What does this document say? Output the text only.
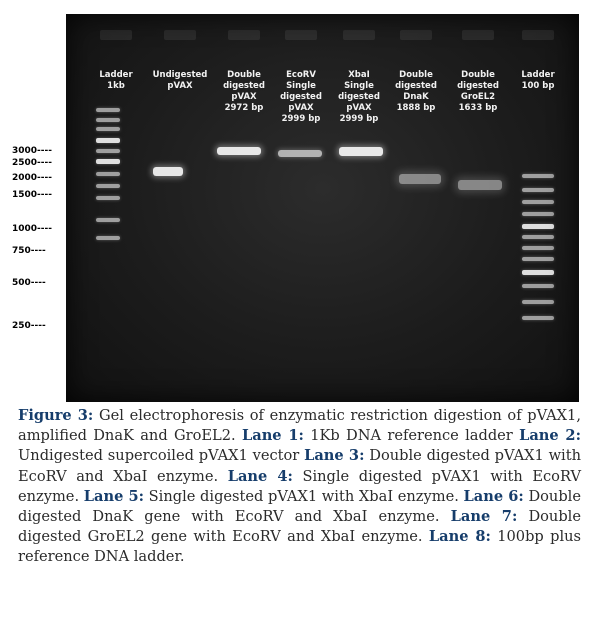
Ladder
1kb
Undigested
pVAX
Double
digested
pVAX
2972 bp
EcoRV
Single
digested
pVAX
2999 bp
XbaI
Single
digested
pVAX
2999 bp
Double
digested
DnaK
1888 bp
Double
digested
GroEL2
1633 bp
Ladder
100 bp
3000----
2500----
2000----
1500----
1000----
750----
500----
250----
Figure 3: Gel electrophoresis of enzymatic restriction digestion of pVAX1, amplified DnaK and GroEL2. Lane 1: 1Kb DNA reference ladder Lane 2: Undigested supercoiled pVAX1 vector Lane 3: Double digested pVAX1 with EcoRV and XbaI enzyme. Lane 4: Single digested pVAX1 with EcoRV enzyme. Lane 5: Single digested pVAX1 with XbaI enzyme. Lane 6: Double digested DnaK gene with EcoRV and XbaI enzyme. Lane 7: Double digested GroEL2 gene with EcoRV and XbaI enzyme. Lane 8: 100bp plus reference DNA ladder.
